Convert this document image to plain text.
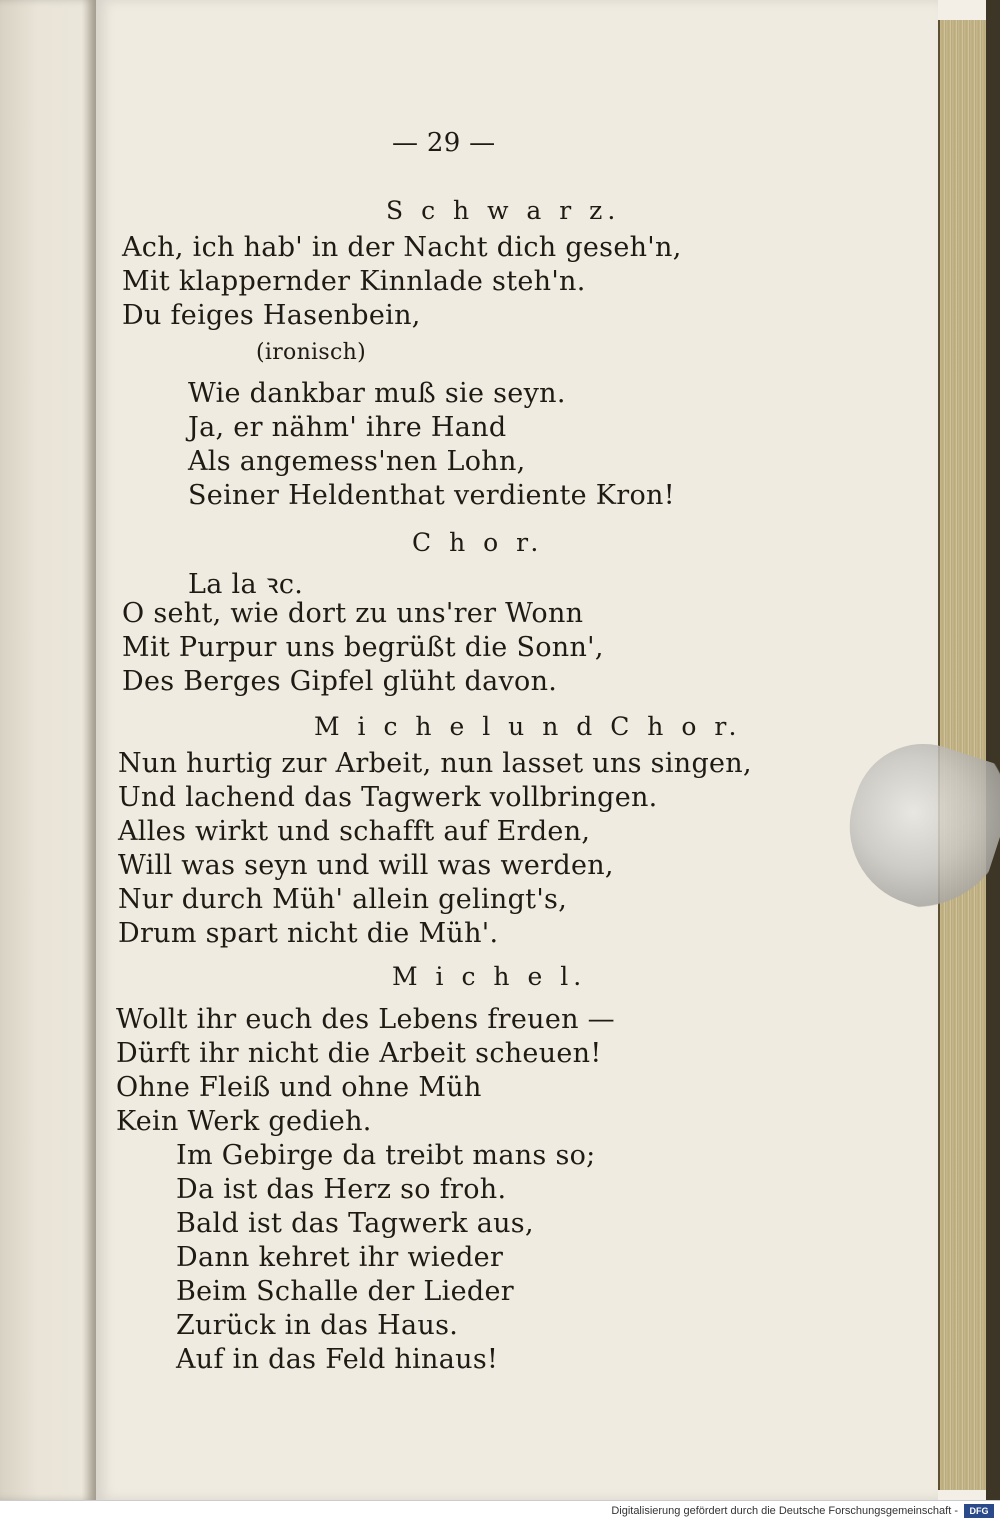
— 29 —
S c h w a r z.
Ach, ich hab' in der Nacht dich geseh'n,
Mit klappernder Kinnlade steh'n.
Du feiges Hasenbein,
(ironisch)
Wie dankbar muß sie seyn.
Ja, er nähm' ihre Hand
Als angemess'nen Lohn,
Seiner Heldenthat verdiente Kron!
C h o r.
La la ꝛc.
O seht, wie dort zu uns'rer Wonn
Mit Purpur uns begrüßt die Sonn',
Des Berges Gipfel glüht davon.
M i c h e l u n d C h o r.
Nun hurtig zur Arbeit, nun lasset uns singen,
Und lachend das Tagwerk vollbringen.
Alles wirkt und schafft auf Erden,
Will was seyn und will was werden,
Nur durch Müh' allein gelingt's,
Drum spart nicht die Müh'.
M i c h e l.
Wollt ihr euch des Lebens freuen —
Dürft ihr nicht die Arbeit scheuen!
Ohne Fleiß und ohne Müh
Kein Werk gedieh.
Im Gebirge da treibt mans so;
Da ist das Herz so froh.
Bald ist das Tagwerk aus,
Dann kehret ihr wieder
Beim Schalle der Lieder
Zurück in das Haus.
Auf in das Feld hinaus!
Digitalisierung gefördert durch die Deutsche Forschungsgemeinschaft -	DFG
